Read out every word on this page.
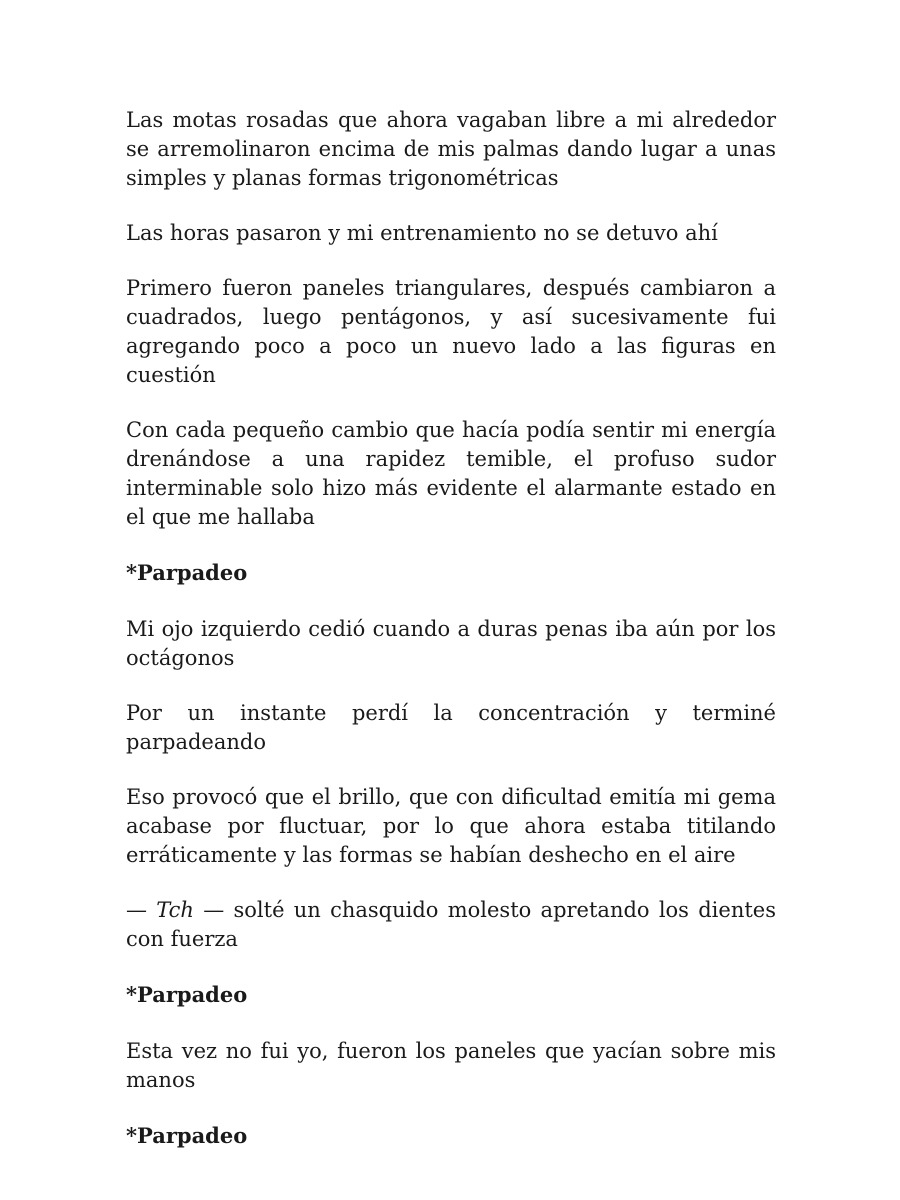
Las motas rosadas que ahora vagaban libre a mi alrededor se arremolinaron encima de mis palmas dando lugar a unas simples y planas formas trigonométricas

Las horas pasaron y mi entrenamiento no se detuvo ahí

Primero fueron paneles triangulares, después cambiaron a cuadrados, luego pentágonos, y así sucesivamente fui agregando poco a poco un nuevo lado a las figuras en cuestión

Con cada pequeño cambio que hacía podía sentir mi energía drenándose a una rapidez temible, el profuso sudor interminable solo hizo más evidente el alarmante estado en el que me hallaba

*Parpadeo

Mi ojo izquierdo cedió cuando a duras penas iba aún por los octágonos

Por un instante perdí la concentración y terminé parpadeando

Eso provocó que el brillo, que con dificultad emitía mi gema acabase por fluctuar, por lo que ahora estaba titilando erráticamente y las formas se habían deshecho en el aire

— Tch — solté un chasquido molesto apretando los dientes con fuerza

*Parpadeo

Esta vez no fui yo, fueron los paneles que yacían sobre mis manos

*Parpadeo
